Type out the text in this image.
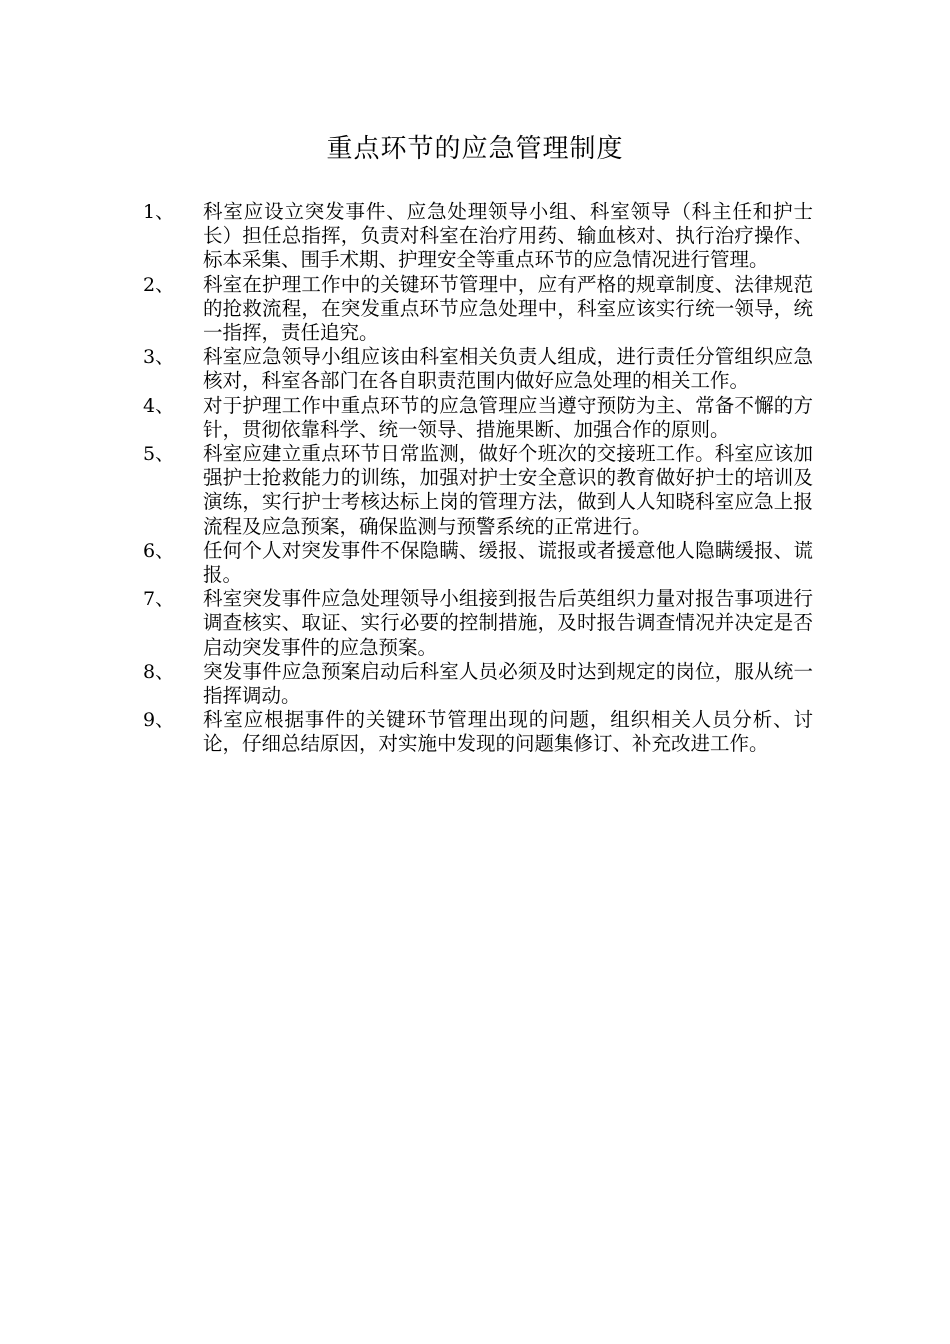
重点环节的应急管理制度
1、	科室应设立突发事件、应急处理领导小组、科室领导（科主任和护士长）担任总指挥，负责对科室在治疗用药、输血核对、执行治疗操作、标本采集、围手术期、护理安全等重点环节的应急情况进行管理。
2、	科室在护理工作中的关键环节管理中，应有严格的规章制度、法律规范的抢救流程，在突发重点环节应急处理中，科室应该实行统一领导，统一指挥，责任追究。
3、	科室应急领导小组应该由科室相关负责人组成，进行责任分管组织应急核对，科室各部门在各自职责范围内做好应急处理的相关工作。
4、	对于护理工作中重点环节的应急管理应当遵守预防为主、常备不懈的方针，贯彻依靠科学、统一领导、措施果断、加强合作的原则。
5、	科室应建立重点环节日常监测，做好个班次的交接班工作。科室应该加强护士抢救能力的训练，加强对护士安全意识的教育做好护士的培训及演练，实行护士考核达标上岗的管理方法，做到人人知晓科室应急上报流程及应急预案，确保监测与预警系统的正常进行。
6、	任何个人对突发事件不保隐瞒、缓报、谎报或者援意他人隐瞒缓报、谎报。
7、	科室突发事件应急处理领导小组接到报告后英组织力量对报告事项进行调查核实、取证、实行必要的控制措施，及时报告调查情况并决定是否启动突发事件的应急预案。
8、	突发事件应急预案启动后科室人员必须及时达到规定的岗位，服从统一指挥调动。
9、	科室应根据事件的关键环节管理出现的问题，组织相关人员分析、讨论，仔细总结原因，对实施中发现的问题集修订、补充改进工作。
